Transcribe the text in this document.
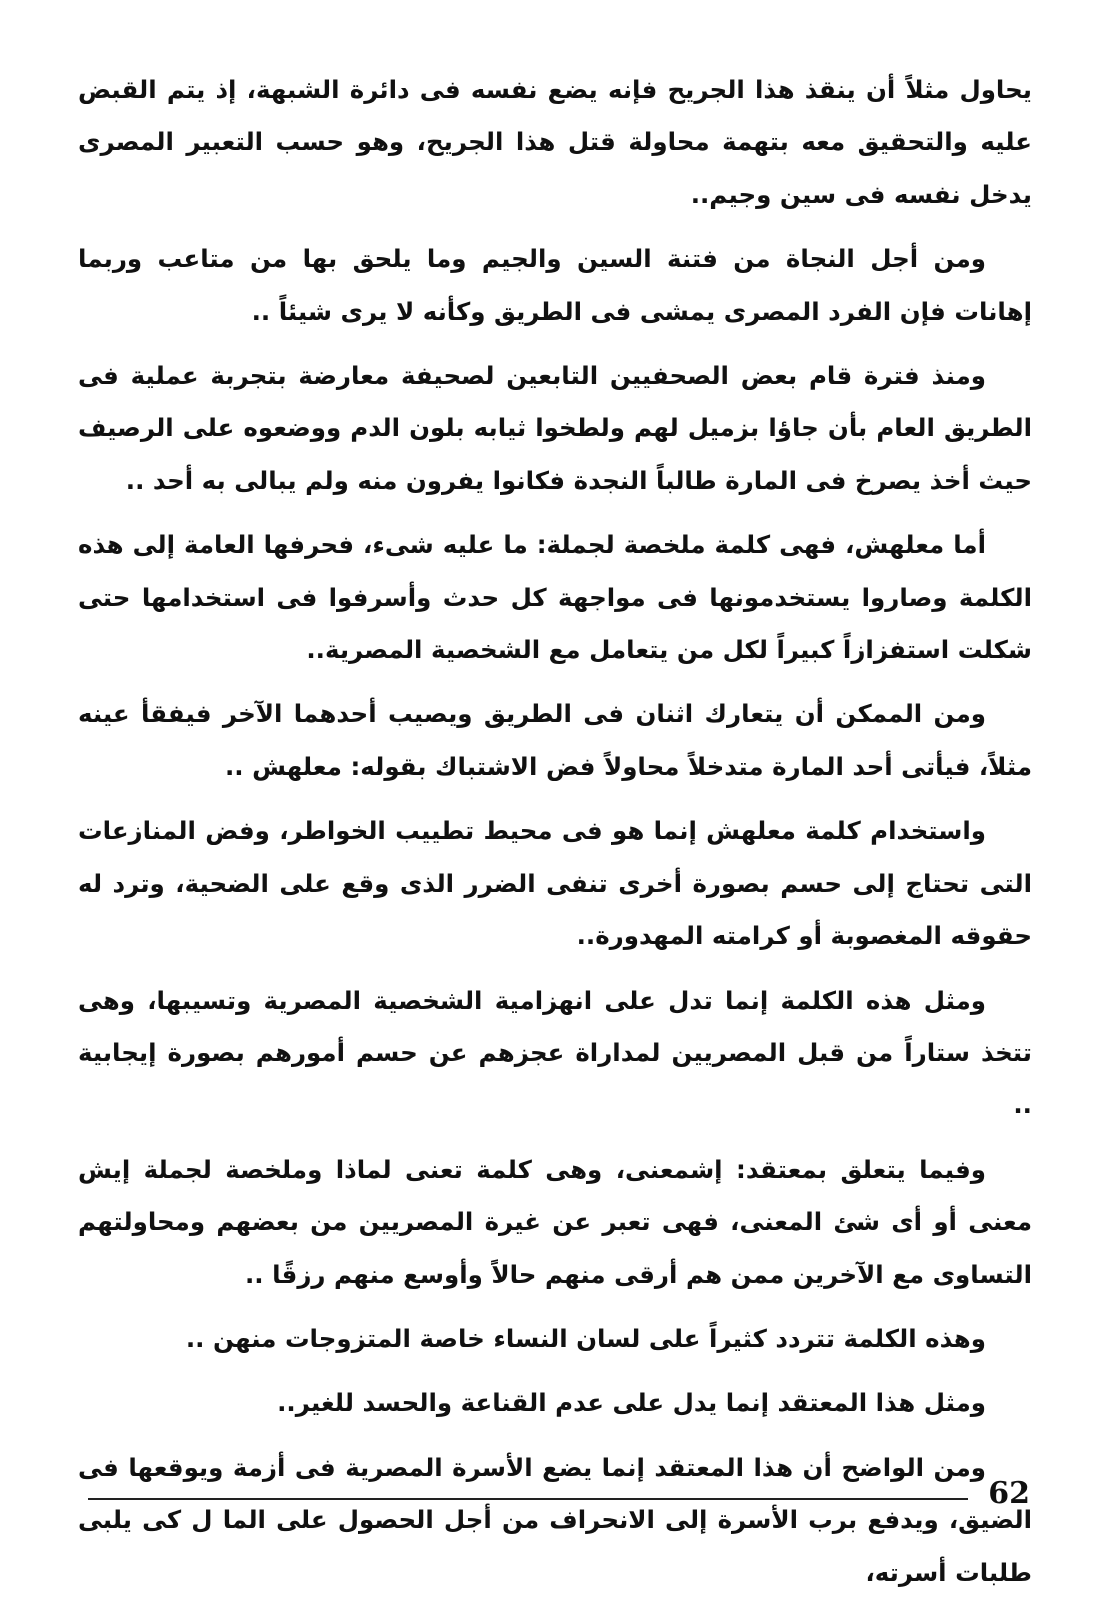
يحاول مثلاً أن ينقذ هذا الجريح فإنه يضع نفسه فى دائرة الشبهة، إذ يتم القبض عليه والتحقيق معه بتهمة محاولة قتل هذا الجريح، وهو حسب التعبير المصرى يدخل نفسه فى سين وجيم..

ومن أجل النجاة من فتنة السين والجيم وما يلحق بها من متاعب وربما إهانات فإن الفرد المصرى يمشى فى الطريق وكأنه لا يرى شيئاً ..

ومنذ فترة قام بعض الصحفيين التابعين لصحيفة معارضة بتجربة عملية فى الطريق العام بأن جاؤا بزميل لهم ولطخوا ثيابه بلون الدم ووضعوه على الرصيف حيث أخذ يصرخ فى المارة طالباً النجدة فكانوا يفرون منه ولم يبالى به أحد ..

أما معلهش، فهى كلمة ملخصة لجملة: ما عليه شىء، فحرفها العامة إلى هذه الكلمة وصاروا يستخدمونها فى مواجهة كل حدث وأسرفوا فى استخدامها حتى شكلت استفزازاً كبيراً لكل من يتعامل مع الشخصية المصرية..

ومن الممكن أن يتعارك اثنان فى الطريق ويصيب أحدهما الآخر فيفقأ عينه مثلاً، فيأتى أحد المارة متدخلاً محاولاً فض الاشتباك بقوله: معلهش ..

واستخدام كلمة معلهش إنما هو فى محيط تطييب الخواطر، وفض المنازعات التى تحتاج إلى حسم بصورة أخرى تنفى الضرر الذى وقع على الضحية، وترد له حقوقه المغصوبة أو كرامته المهدورة..

ومثل هذه الكلمة إنما تدل على انهزامية الشخصية المصرية وتسيبها، وهى تتخذ ستاراً من قبل المصريين لمداراة عجزهم عن حسم أمورهم بصورة إيجابية ..

وفيما يتعلق بمعتقد: إشمعنى، وهى كلمة تعنى لماذا وملخصة لجملة إيش معنى أو أى شئ المعنى، فهى تعبر عن غيرة المصريين من بعضهم ومحاولتهم التساوى مع الآخرين ممن هم أرقى منهم حالاً وأوسع منهم رزقًا ..

وهذه الكلمة تتردد كثيراً على لسان النساء خاصة المتزوجات منهن ..

ومثل هذا المعتقد إنما يدل على عدم القناعة والحسد للغير..

ومن الواضح أن هذا المعتقد إنما يضع الأسرة المصرية فى أزمة ويوقعها فى الضيق، ويدفع برب الأسرة إلى الانحراف من أجل الحصول على الما ل كى يلبى طلبات أسرته،

62
